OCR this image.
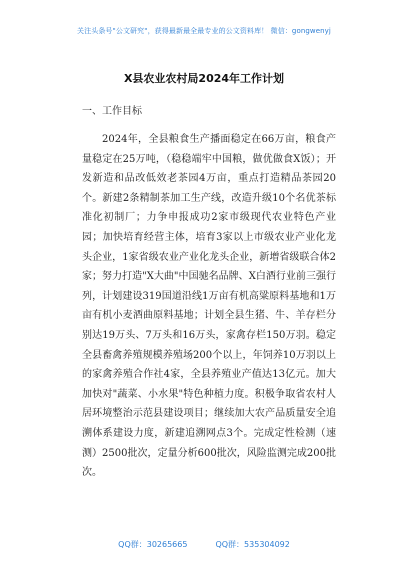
关注头条号"公文研究"，获得最新最全最专业的公文资料库！ 微信：gongwenyj
X县农业农村局2024年工作计划
一、工作目标

2024年，全县粮食生产播面稳定在66万亩，粮食产量稳定在25万吨，（稳稳端牢中国粮，做优做食X饭）；开发新造和品改低效老茶园4万亩，重点打造精品茶园20个。新建2条精制茶加工生产线，改造升级10个名优茶标准化初制厂；力争申报成功2家市级现代农业特色产业园；加快培育经营主体，培育3家以上市级农业产业化龙头企业，1家省级农业产业化龙头企业，新增省级联合体2家；努力打造"X大曲"中国驰名品牌、X白酒行业前三强行列，计划建设319国道沿线1万亩有机高粱原料基地和1万亩有机小麦酒曲原料基地；计划全县生猪、牛、羊存栏分别达19万头、7万头和16万头，家禽存栏150万羽。稳定全县畜禽养殖规模养殖场200个以上，年饲养10万羽以上的家禽养殖合作社4家，全县养殖业产值达13亿元。加大加快对"蔬菜、小水果"特色种植力度。积极争取省农村人居环境整治示范县建设项目；继续加大农产品质量安全追溯体系建设力度，新建追溯网点3个。完成定性检测（速测）2500批次，定量分析600批次，风险监测完成200批次。

QQ群：30265665	QQ群：535304092
